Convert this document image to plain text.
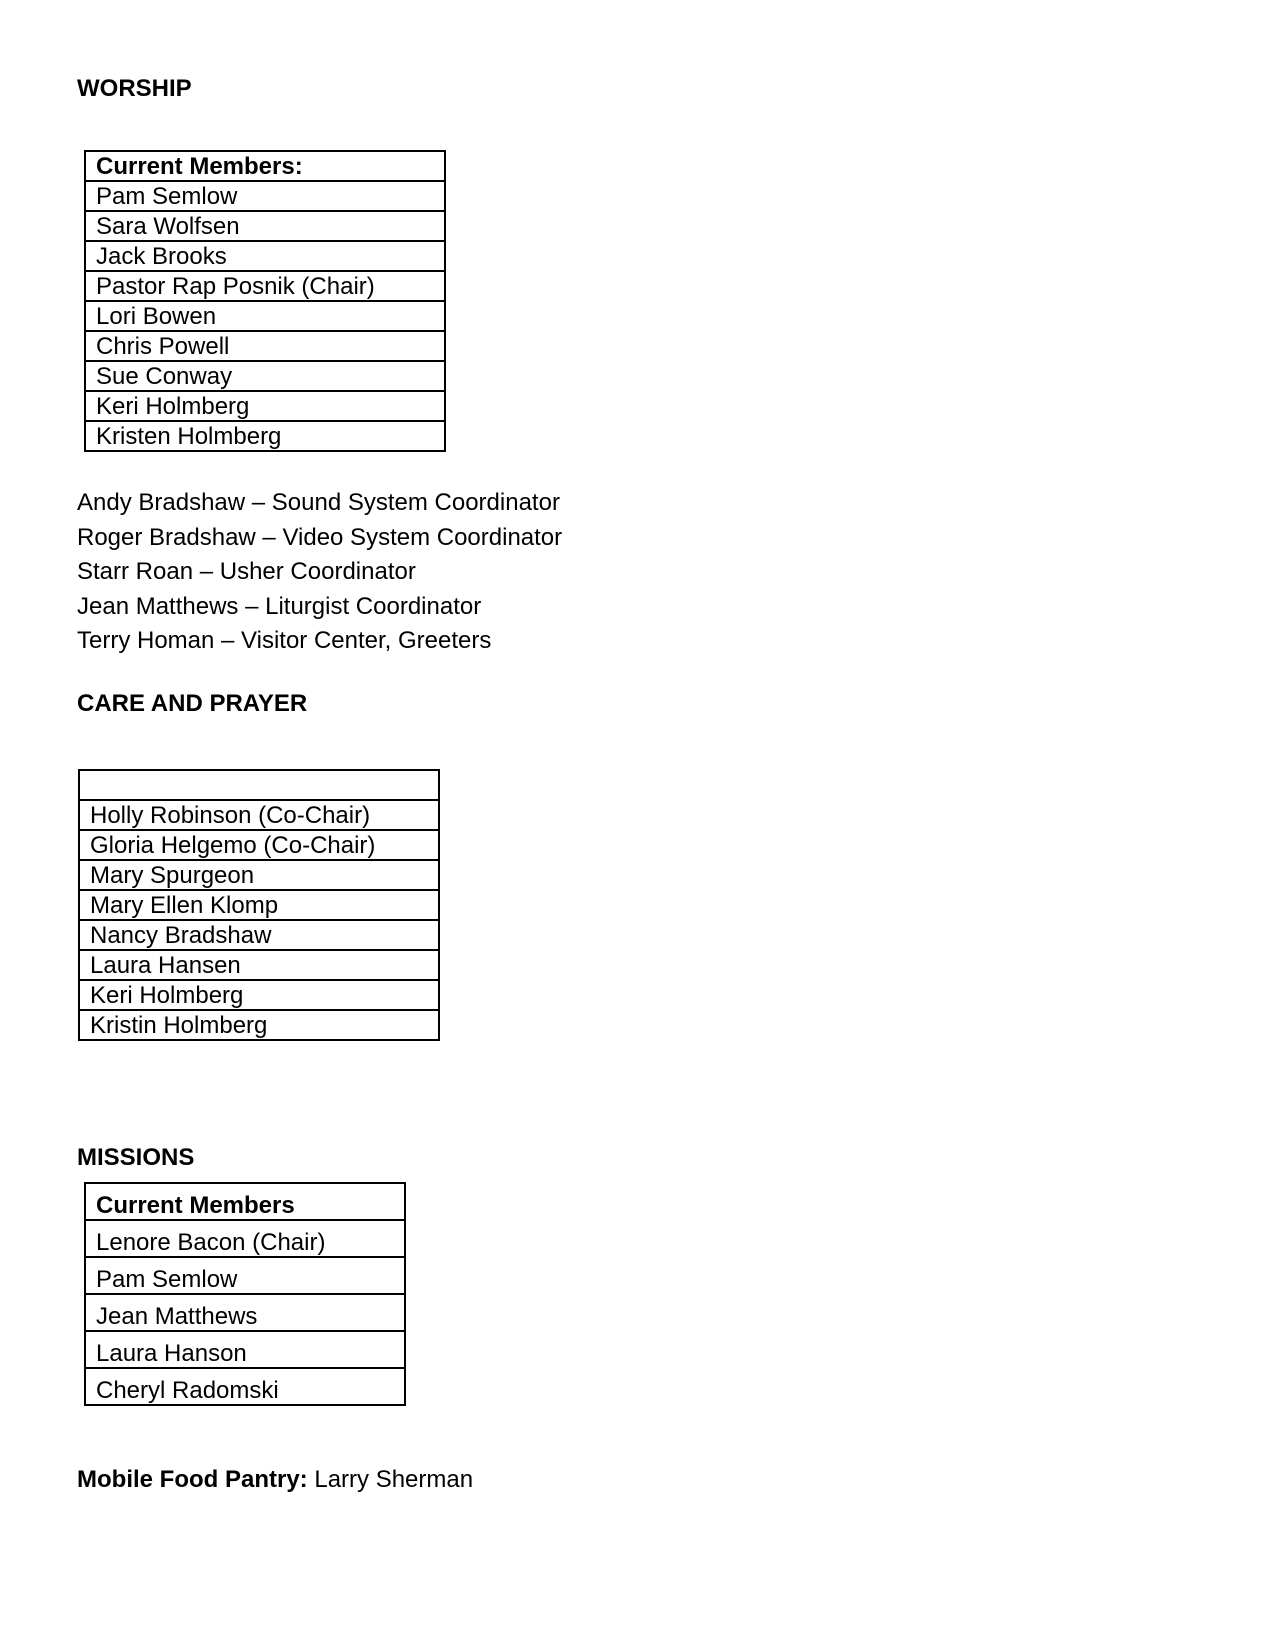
WORSHIP
Current Members:
Pam Semlow
Sara Wolfsen
Jack Brooks
Pastor Rap Posnik (Chair)
Lori Bowen
Chris Powell
Sue Conway
Keri Holmberg
Kristen Holmberg
Andy Bradshaw – Sound System Coordinator
Roger Bradshaw – Video System Coordinator
Starr Roan – Usher Coordinator
Jean Matthews – Liturgist Coordinator
Terry Homan – Visitor Center, Greeters
CARE AND PRAYER

Holly Robinson (Co-Chair)
Gloria Helgemo (Co-Chair)
Mary Spurgeon
Mary Ellen Klomp
Nancy Bradshaw
Laura Hansen
Keri Holmberg
Kristin Holmberg
MISSIONS
Current Members
Lenore Bacon (Chair)
Pam Semlow
Jean Matthews
Laura Hanson
Cheryl Radomski
Mobile Food Pantry: Larry Sherman
